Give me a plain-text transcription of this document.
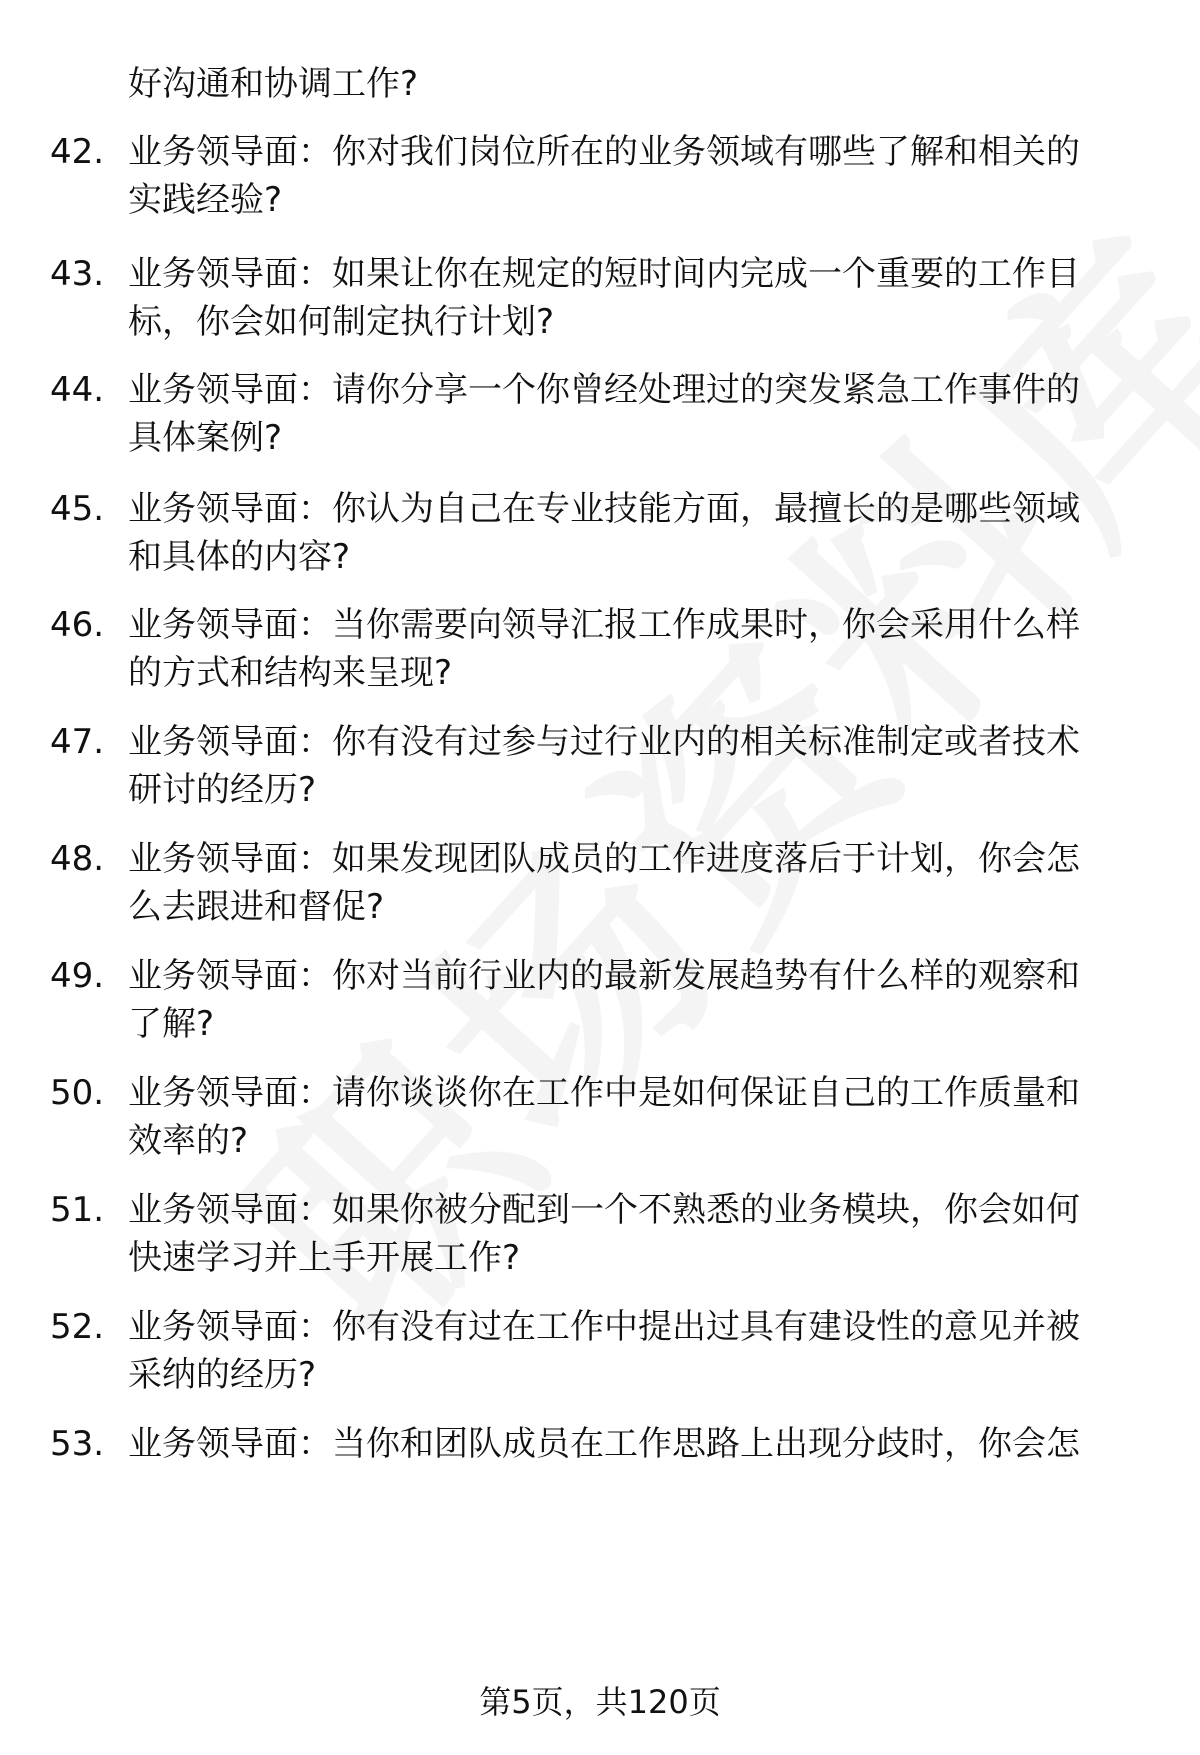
好沟通和协调工作?
42. 业务领导面：你对我们岗位所在的业务领域有哪些了解和相关的
实践经验?
43. 业务领导面：如果让你在规定的短时间内完成一个重要的工作目
标，你会如何制定执行计划?
44. 业务领导面：请你分享一个你曾经处理过的突发紧急工作事件的
具体案例?
45. 业务领导面：你认为自己在专业技能方面，最擅长的是哪些领域
和具体的内容?
46. 业务领导面：当你需要向领导汇报工作成果时，你会采用什么样
的方式和结构来呈现?
47. 业务领导面：你有没有过参与过行业内的相关标准制定或者技术
研讨的经历?
48. 业务领导面：如果发现团队成员的工作进度落后于计划，你会怎
么去跟进和督促?
49. 业务领导面：你对当前行业内的最新发展趋势有什么样的观察和
了解?
50. 业务领导面：请你谈谈你在工作中是如何保证自己的工作质量和
效率的?
51. 业务领导面：如果你被分配到一个不熟悉的业务模块，你会如何
快速学习并上手开展工作?
52. 业务领导面：你有没有过在工作中提出过具有建设性的意见并被
采纳的经历?
53. 业务领导面：当你和团队成员在工作思路上出现分歧时，你会怎
第5页，共120页
